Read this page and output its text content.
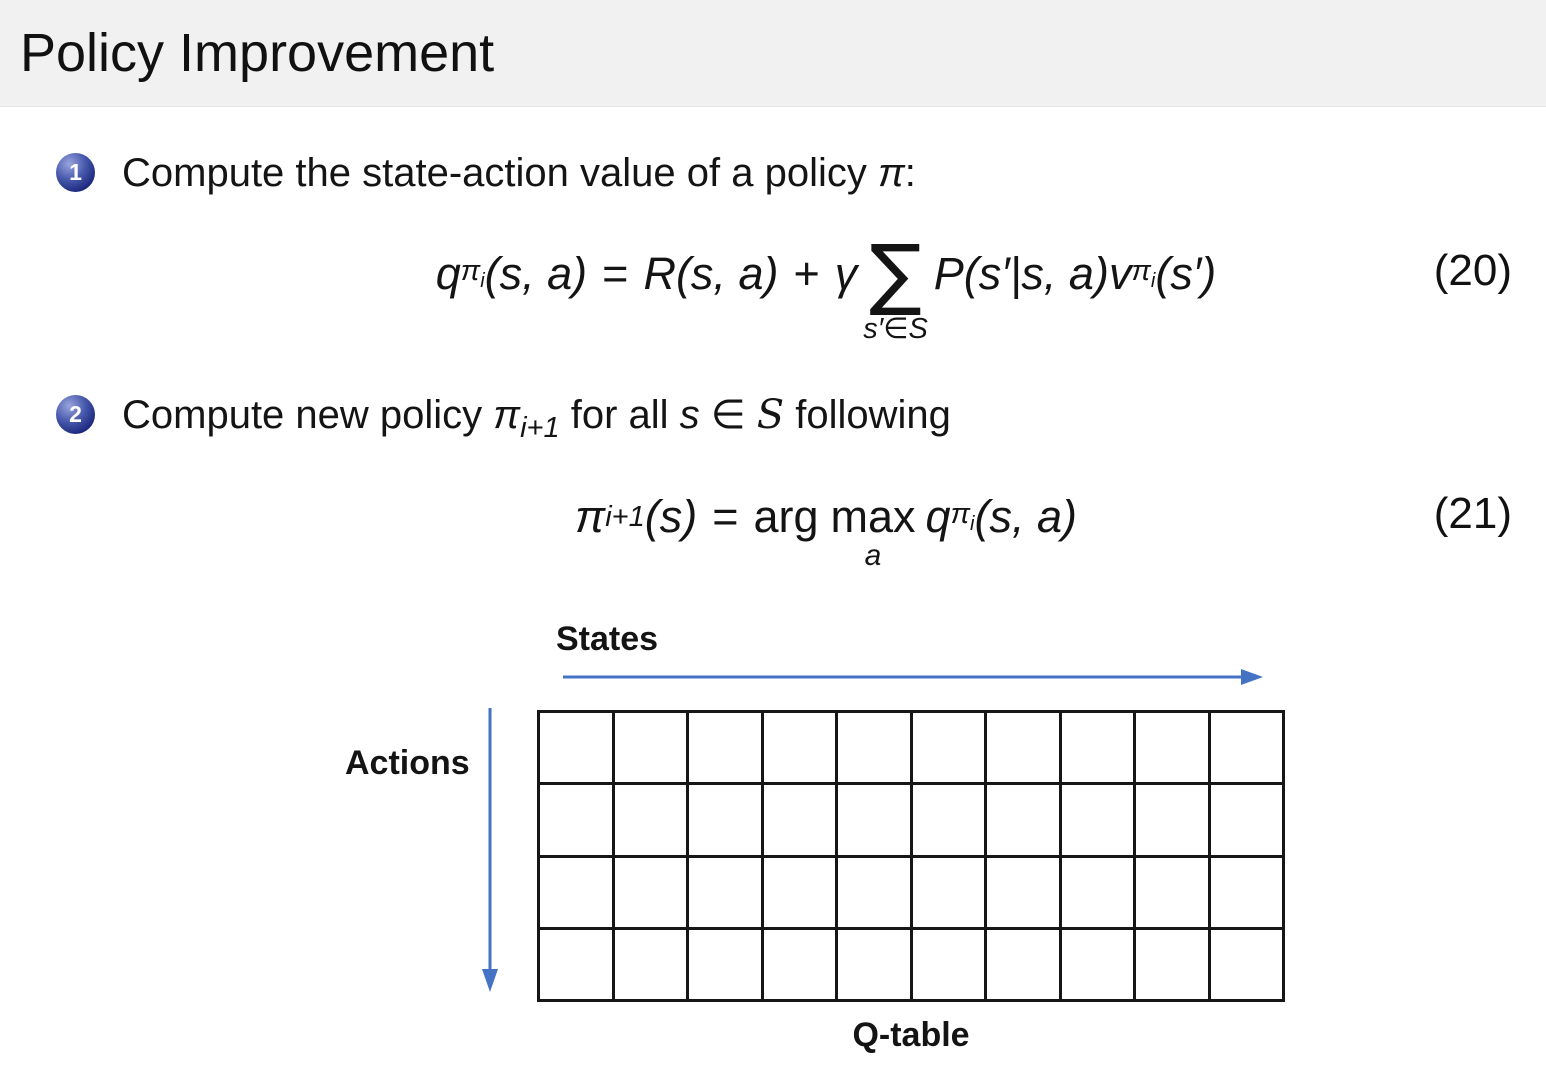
Policy Improvement
1	Compute the state-action value of a policy π:
q $\pi_i$ (s, a) = R(s, a) + γ ∑
s′∈S
P(s′|s, a)v $\pi_i$ (s′)	(20)
2	Compute new policy $\pi_{i+1}$ for all s ∈ S following
π i+1 (s) = arg max
a
q $\pi_i$ (s, a)	(21)
States
Actions
Q-table
